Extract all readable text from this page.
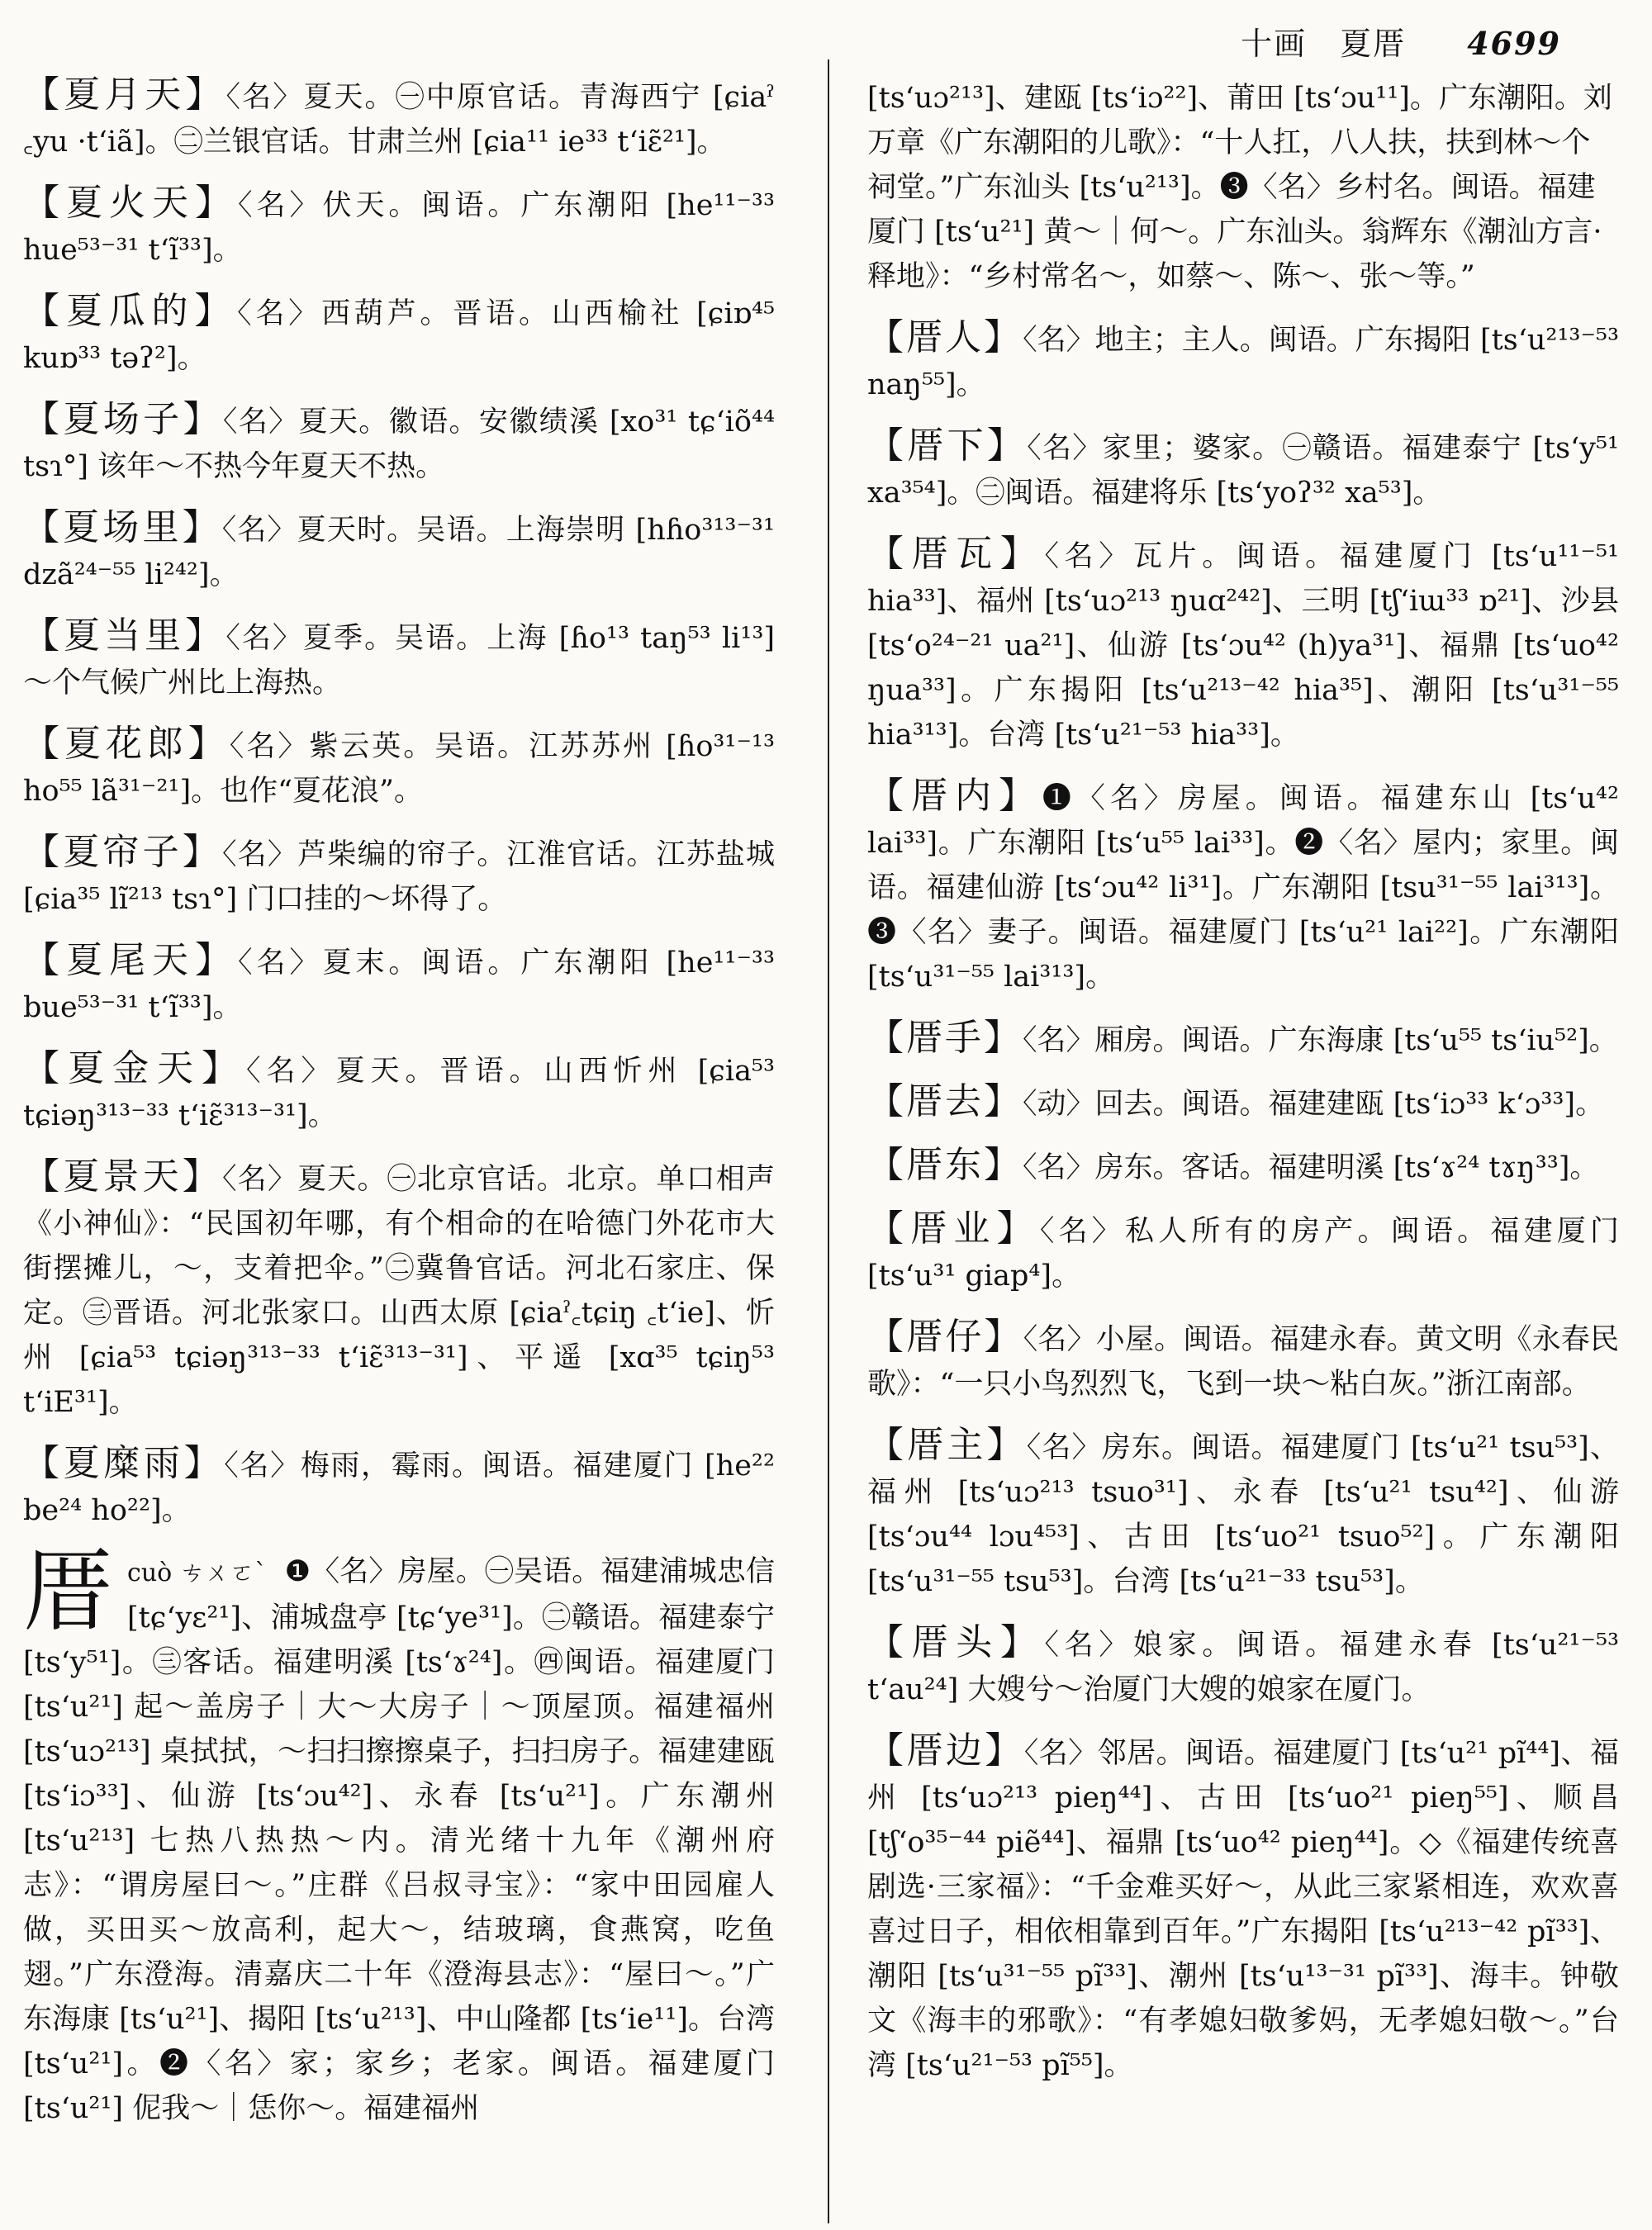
十画　夏厝 4699
【夏月天】〈名〉夏天。㊀中原官话。青海西宁 [ɕiaˀ ꜀yu ·tʻiã]。㊁兰银官话。甘肃兰州 [ɕia¹¹ ie³³ tʻiɛ̃²¹]。
【夏火天】〈名〉伏天。闽语。广东潮阳 [he¹¹⁻³³ hue⁵³⁻³¹ tʻĩ³³]。
【夏瓜的】〈名〉西葫芦。晋语。山西榆社 [ɕiɒ⁴⁵ kuɒ³³ təʔ²]。
【夏场子】〈名〉夏天。徽语。安徽绩溪 [xo³¹ tɕʻiõ⁴⁴ tsɿ°] 该年～不热今年夏天不热。
【夏场里】〈名〉夏天时。吴语。上海崇明 [hɦo³¹³⁻³¹ dzã²⁴⁻⁵⁵ li²⁴²]。
【夏当里】〈名〉夏季。吴语。上海 [ɦo¹³ taŋ⁵³ li¹³] ～个气候广州比上海热。
【夏花郎】〈名〉紫云英。吴语。江苏苏州 [ɦo³¹⁻¹³ ho⁵⁵ lã³¹⁻²¹]。也作“夏花浪”。
【夏帘子】〈名〉芦柴编的帘子。江淮官话。江苏盐城 [ɕia³⁵ lĩ²¹³ tsɿ°] 门口挂的～坏得了。
【夏尾天】〈名〉夏末。闽语。广东潮阳 [he¹¹⁻³³ bue⁵³⁻³¹ tʻĩ³³]。
【夏金天】〈名〉夏天。晋语。山西忻州 [ɕia⁵³ tɕiəŋ³¹³⁻³³ tʻiɛ̃³¹³⁻³¹]。
【夏景天】〈名〉夏天。㊀北京官话。北京。单口相声《小神仙》：“民国初年哪，有个相命的在哈德门外花市大街摆摊儿，～，支着把伞。”㊁冀鲁官话。河北石家庄、保定。㊂晋语。河北张家口。山西太原 [ɕiaˀ꜀tɕiŋ ꜀tʻie]、忻州 [ɕia⁵³ tɕiəŋ³¹³⁻³³ tʻiɛ̃³¹³⁻³¹]、平遥 [xɑ³⁵ tɕiŋ⁵³ tʻiE³¹]。
【夏糜雨】〈名〉梅雨，霉雨。闽语。福建厦门 [he²² be²⁴ ho²²]。
厝 cuò ㄘㄨㄛˋ ❶〈名〉房屋。㊀吴语。福建浦城忠信 [tɕʻyɛ²¹]、浦城盘亭 [tɕʻye³¹]。㊁赣语。福建泰宁 [tsʻy⁵¹]。㊂客话。福建明溪 [tsʻɤ²⁴]。㊃闽语。福建厦门 [tsʻu²¹] 起～盖房子｜大～大房子｜～顶屋顶。福建福州 [tsʻuɔ²¹³] 桌拭拭，～扫扫擦擦桌子，扫扫房子。福建建瓯 [tsʻiɔ³³]、仙游 [tsʻɔu⁴²]、永春 [tsʻu²¹]。广东潮州 [tsʻu²¹³] 七热八热热～内。清光绪十九年《潮州府志》：“谓房屋曰～。”庄群《吕叔寻宝》：“家中田园雇人做，买田买～放高利，起大～，结玻璃，食燕窝，吃鱼翅。”广东澄海。清嘉庆二十年《澄海县志》：“屋曰～。”广东海康 [tsʻu²¹]、揭阳 [tsʻu²¹³]、中山隆都 [tsʻie¹¹]。台湾 [tsʻu²¹]。❷〈名〉家；家乡；老家。闽语。福建厦门 [tsʻu²¹] 伲我～｜恁你～。福建福州
[tsʻuɔ²¹³]、建瓯 [tsʻiɔ²²]、莆田 [tsʻɔu¹¹]。广东潮阳。刘万章《广东潮阳的儿歌》：“十人扛，八人扶，扶到林～个祠堂。”广东汕头 [tsʻu²¹³]。❸〈名〉乡村名。闽语。福建厦门 [tsʻu²¹] 黄～｜何～。广东汕头。翁辉东《潮汕方言·释地》：“乡村常名～，如蔡～、陈～、张～等。”
【厝人】〈名〉地主；主人。闽语。广东揭阳 [tsʻu²¹³⁻⁵³ naŋ⁵⁵]。
【厝下】〈名〉家里；婆家。㊀赣语。福建泰宁 [tsʻy⁵¹ xa³⁵⁴]。㊁闽语。福建将乐 [tsʻyoʔ³² xa⁵³]。
【厝瓦】〈名〉瓦片。闽语。福建厦门 [tsʻu¹¹⁻⁵¹ hia³³]、福州 [tsʻuɔ²¹³ ŋuɑ²⁴²]、三明 [tʃʻiɯ³³ ɒ²¹]、沙县 [tsʻo²⁴⁻²¹ ua²¹]、仙游 [tsʻɔu⁴² (h)ya³¹]、福鼎 [tsʻuo⁴² ŋua³³]。广东揭阳 [tsʻu²¹³⁻⁴² hia³⁵]、潮阳 [tsʻu³¹⁻⁵⁵ hia³¹³]。台湾 [tsʻu²¹⁻⁵³ hia³³]。
【厝内】❶〈名〉房屋。闽语。福建东山 [tsʻu⁴² lai³³]。广东潮阳 [tsʻu⁵⁵ lai³³]。❷〈名〉屋内；家里。闽语。福建仙游 [tsʻɔu⁴² li³¹]。广东潮阳 [tsu³¹⁻⁵⁵ lai³¹³]。❸〈名〉妻子。闽语。福建厦门 [tsʻu²¹ lai²²]。广东潮阳 [tsʻu³¹⁻⁵⁵ lai³¹³]。
【厝手】〈名〉厢房。闽语。广东海康 [tsʻu⁵⁵ tsʻiu⁵²]。
【厝去】〈动〉回去。闽语。福建建瓯 [tsʻiɔ³³ kʻɔ³³]。
【厝东】〈名〉房东。客话。福建明溪 [tsʻɤ²⁴ tɤŋ³³]。
【厝业】〈名〉私人所有的房产。闽语。福建厦门 [tsʻu³¹ giap⁴]。
【厝仔】〈名〉小屋。闽语。福建永春。黄文明《永春民歌》：“一只小鸟烈烈飞，飞到一块～粘白灰。”浙江南部。
【厝主】〈名〉房东。闽语。福建厦门 [tsʻu²¹ tsu⁵³]、福州 [tsʻuɔ²¹³ tsuo³¹]、永春 [tsʻu²¹ tsu⁴²]、仙游 [tsʻɔu⁴⁴ lɔu⁴⁵³]、古田 [tsʻuo²¹ tsuo⁵²]。广东潮阳 [tsʻu³¹⁻⁵⁵ tsu⁵³]。台湾 [tsʻu²¹⁻³³ tsu⁵³]。
【厝头】〈名〉娘家。闽语。福建永春 [tsʻu²¹⁻⁵³ tʻau²⁴] 大嫂兮～治厦门大嫂的娘家在厦门。
【厝边】〈名〉邻居。闽语。福建厦门 [tsʻu²¹ pĩ⁴⁴]、福州 [tsʻuɔ²¹³ pieŋ⁴⁴]、古田 [tsʻuo²¹ pieŋ⁵⁵]、顺昌 [tʃʻo³⁵⁻⁴⁴ piẽ⁴⁴]、福鼎 [tsʻuo⁴² pieŋ⁴⁴]。◇《福建传统喜剧选·三家福》：“千金难买好～，从此三家紧相连，欢欢喜喜过日子，相依相靠到百年。”广东揭阳 [tsʻu²¹³⁻⁴² pĩ³³]、潮阳 [tsʻu³¹⁻⁵⁵ pĩ³³]、潮州 [tsʻu¹³⁻³¹ pĩ³³]、海丰。钟敬文《海丰的邪歌》：“有孝媳妇敬爹妈，无孝媳妇敬～。”台湾 [tsʻu²¹⁻⁵³ pĩ⁵⁵]。
